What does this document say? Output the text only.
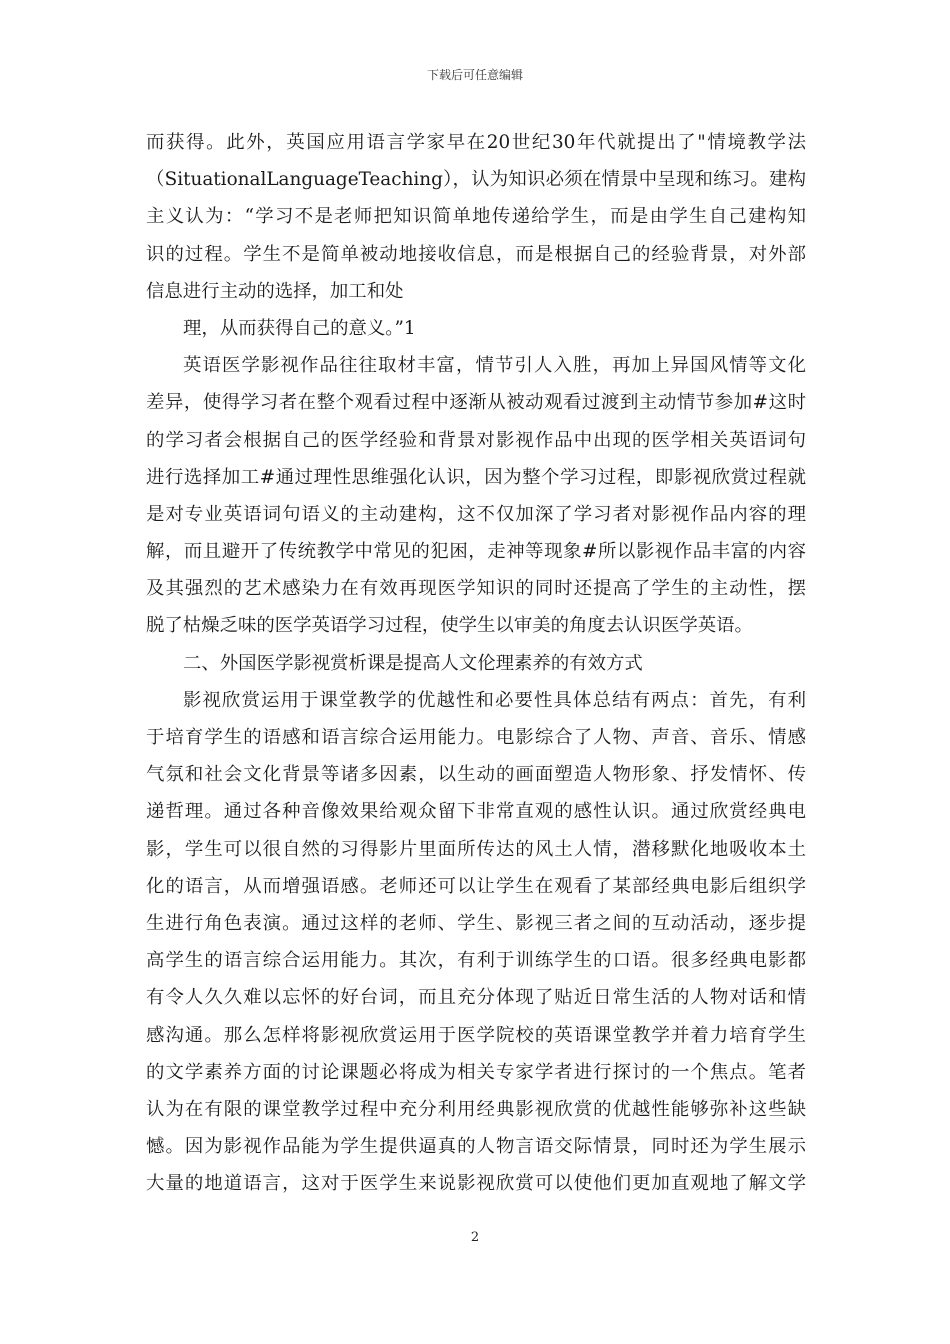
下载后可任意编辑
而获得。此外，英国应用语言学家早在20世纪30年代就提出了"情境教学法
（SituationalLanguageTeaching），认为知识必须在情景中呈现和练习。建构
主义认为：“学习不是老师把知识简单地传递给学生，而是由学生自己建构知
识的过程。学生不是简单被动地接收信息，而是根据自己的经验背景，对外部
信息进行主动的选择，加工和处
理，从而获得自己的意义。”1
英语医学影视作品往往取材丰富，情节引人入胜，再加上异国风情等文化
差异，使得学习者在整个观看过程中逐渐从被动观看过渡到主动情节参加#这时
的学习者会根据自己的医学经验和背景对影视作品中出现的医学相关英语词句
进行选择加工#通过理性思维强化认识，因为整个学习过程，即影视欣赏过程就
是对专业英语词句语义的主动建构，这不仅加深了学习者对影视作品内容的理
解，而且避开了传统教学中常见的犯困，走神等现象#所以影视作品丰富的内容
及其强烈的艺术感染力在有效再现医学知识的同时还提高了学生的主动性，摆
脱了枯燥乏味的医学英语学习过程，使学生以审美的角度去认识医学英语。
二、外国医学影视赏析课是提高人文伦理素养的有效方式
影视欣赏运用于课堂教学的优越性和必要性具体总结有两点：首先，有利
于培育学生的语感和语言综合运用能力。电影综合了人物、声音、音乐、情感
气氛和社会文化背景等诸多因素，以生动的画面塑造人物形象、抒发情怀、传
递哲理。通过各种音像效果给观众留下非常直观的感性认识。通过欣赏经典电
影，学生可以很自然的习得影片里面所传达的风土人情，潜移默化地吸收本土
化的语言，从而增强语感。老师还可以让学生在观看了某部经典电影后组织学
生进行角色表演。通过这样的老师、学生、影视三者之间的互动活动，逐步提
高学生的语言综合运用能力。其次，有利于训练学生的口语。很多经典电影都
有令人久久难以忘怀的好台词，而且充分体现了贴近日常生活的人物对话和情
感沟通。那么怎样将影视欣赏运用于医学院校的英语课堂教学并着力培育学生
的文学素养方面的讨论课题必将成为相关专家学者进行探讨的一个焦点。笔者
认为在有限的课堂教学过程中充分利用经典影视欣赏的优越性能够弥补这些缺
憾。因为影视作品能为学生提供逼真的人物言语交际情景，同时还为学生展示
大量的地道语言，这对于医学生来说影视欣赏可以使他们更加直观地了解文学
2
